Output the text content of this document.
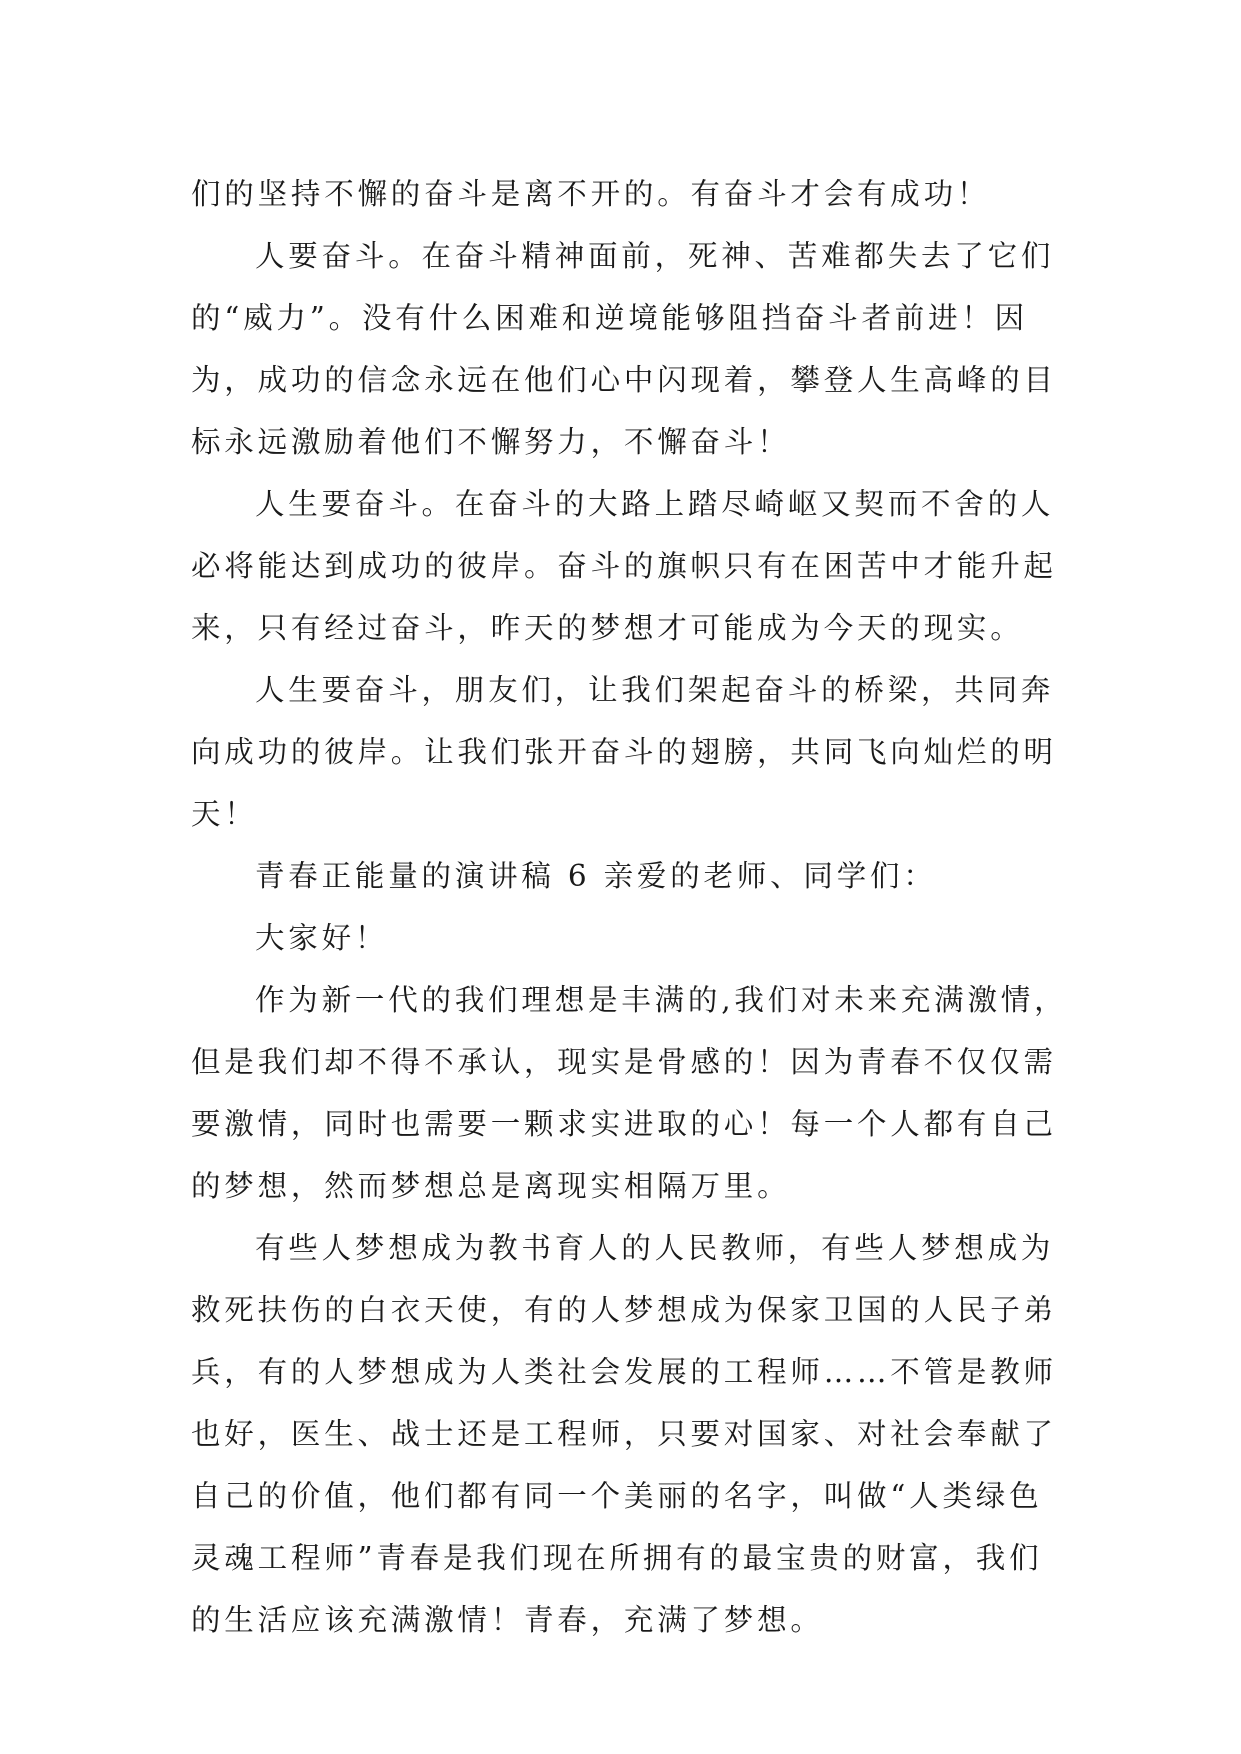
们的坚持不懈的奋斗是离不开的。有奋斗才会有成功！
人要奋斗。在奋斗精神面前，死神、苦难都失去了它们
的“威力”。没有什么困难和逆境能够阻挡奋斗者前进！因
为，成功的信念永远在他们心中闪现着，攀登人生高峰的目
标永远激励着他们不懈努力，不懈奋斗！
人生要奋斗。在奋斗的大路上踏尽崎岖又契而不舍的人
必将能达到成功的彼岸。奋斗的旗帜只有在困苦中才能升起
来，只有经过奋斗，昨天的梦想才可能成为今天的现实。
人生要奋斗，朋友们，让我们架起奋斗的桥梁，共同奔
向成功的彼岸。让我们张开奋斗的翅膀，共同飞向灿烂的明
天！
青春正能量的演讲稿 6 亲爱的老师、同学们：
大家好！
作为新一代的我们理想是丰满的,我们对未来充满激情，
但是我们却不得不承认，现实是骨感的！因为青春不仅仅需
要激情，同时也需要一颗求实进取的心！每一个人都有自己
的梦想，然而梦想总是离现实相隔万里。
有些人梦想成为教书育人的人民教师，有些人梦想成为
救死扶伤的白衣天使，有的人梦想成为保家卫国的人民子弟
兵，有的人梦想成为人类社会发展的工程师……不管是教师
也好，医生、战士还是工程师，只要对国家、对社会奉献了
自己的价值，他们都有同一个美丽的名字，叫做“人类绿色
灵魂工程师”青春是我们现在所拥有的最宝贵的财富，我们
的生活应该充满激情！青春，充满了梦想。
